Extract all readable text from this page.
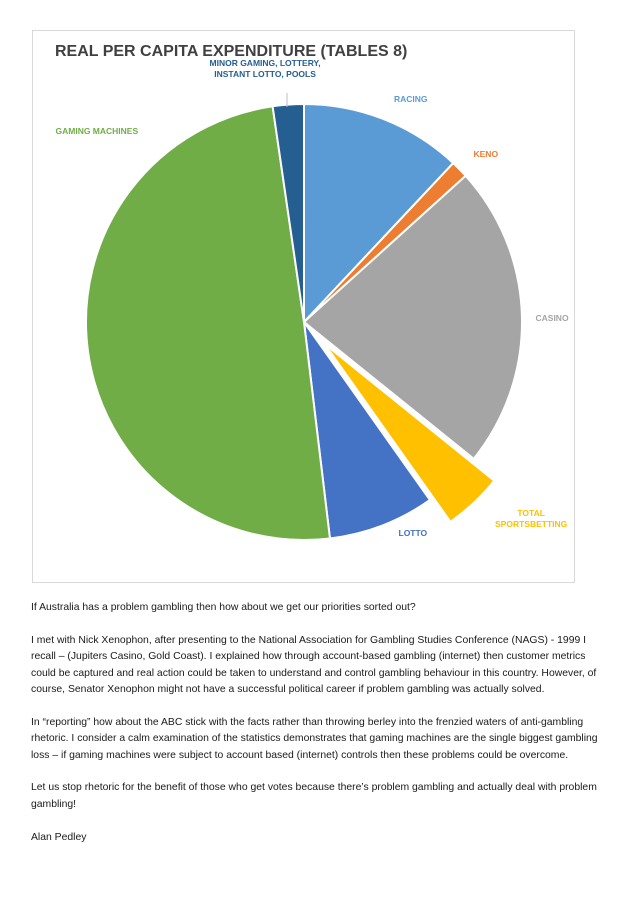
REAL PER CAPITA EXPENDITURE (TABLES 8)
RACING
KENO
CASINO
TOTAL
SPORTSBETTING
LOTTO
GAMING MACHINES
MINOR GAMING, LOTTERY,
INSTANT LOTTO, POOLS

If Australia has a problem gambling then how about we get our priorities sorted out?

I met with Nick Xenophon, after presenting to the National Association for Gambling Studies Conference (NAGS) - 1999 I recall – (Jupiters Casino, Gold Coast). I explained how through account-based gambling (internet) then customer metrics could be captured and real action could be taken to understand and control gambling behaviour in this country. However, of course, Senator Xenophon might not have a successful political career if problem gambling was actually solved.

In “reporting” how about the ABC stick with the facts rather than throwing berley into the frenzied waters of anti-gambling rhetoric. I consider a calm examination of the statistics demonstrates that gaming machines are the single biggest gambling loss – if gaming machines were subject to account based (internet) controls then these problems could be overcome.

Let us stop rhetoric for the benefit of those who get votes because there’s problem gambling and actually deal with problem gambling!

Alan Pedley
